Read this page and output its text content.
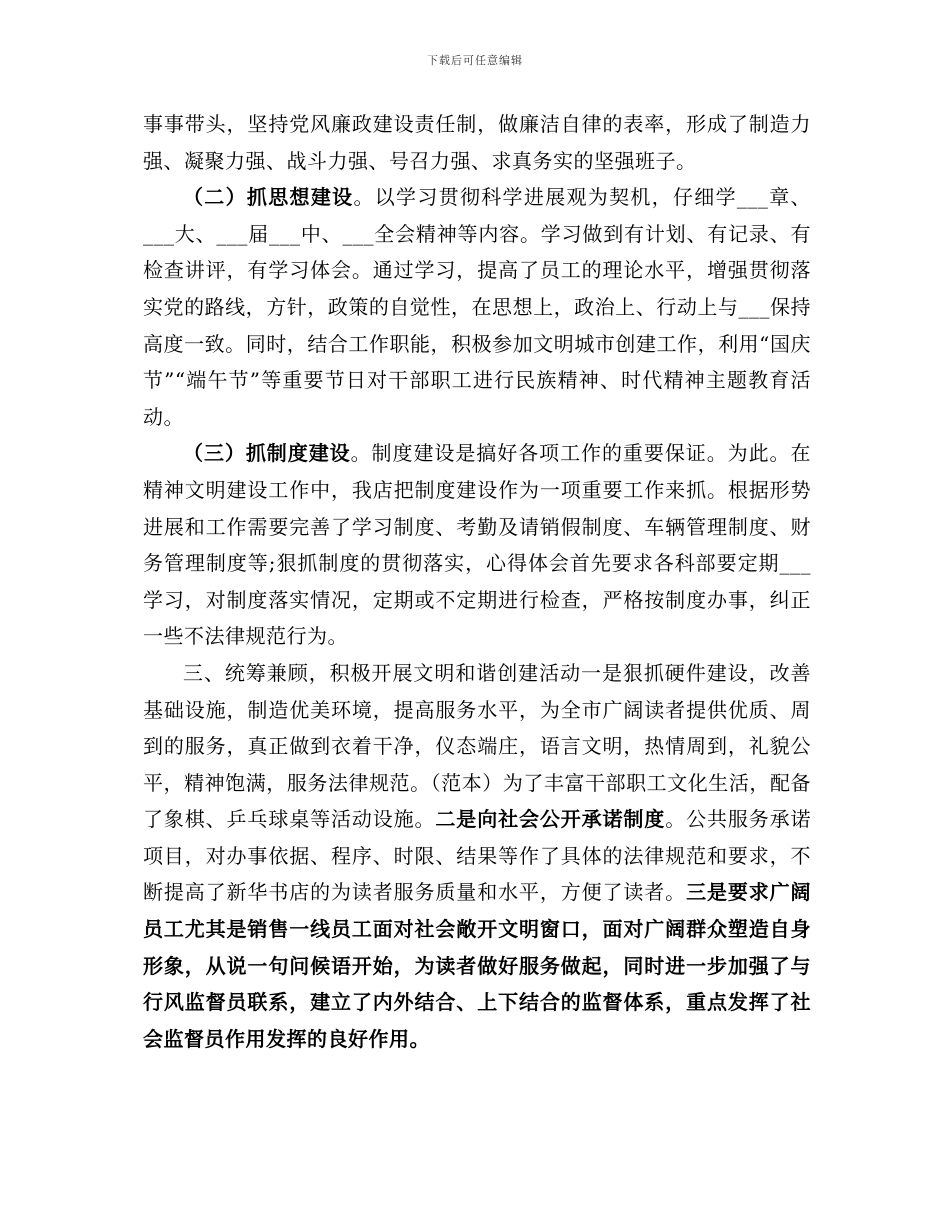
下载后可任意编辑

事事带头，坚持党风廉政建设责任制，做廉洁自律的表率，形成了制造力强、凝聚力强、战斗力强、号召力强、求真务实的坚强班子。

（二）抓思想建设。以学习贯彻科学进展观为契机，仔细学___章、___大、___届___中、___全会精神等内容。学习做到有计划、有记录、有检查讲评，有学习体会。通过学习，提高了员工的理论水平，增强贯彻落实党的路线，方针，政策的自觉性，在思想上，政治上、行动上与___保持高度一致。同时，结合工作职能，积极参加文明城市创建工作，利用“国庆节”“端午节”等重要节日对干部职工进行民族精神、时代精神主题教育活动。

（三）抓制度建设。制度建设是搞好各项工作的重要保证。为此。在精神文明建设工作中，我店把制度建设作为一项重要工作来抓。根据形势进展和工作需要完善了学习制度、考勤及请销假制度、车辆管理制度、财务管理制度等;狠抓制度的贯彻落实，心得体会首先要求各科部要定期___学习，对制度落实情况，定期或不定期进行检查，严格按制度办事，纠正一些不法律规范行为。

三、统筹兼顾，积极开展文明和谐创建活动一是狠抓硬件建设，改善基础设施，制造优美环境，提高服务水平，为全市广阔读者提供优质、周到的服务，真正做到衣着干净，仪态端庄，语言文明，热情周到，礼貌公平，精神饱满，服务法律规范。（范本）为了丰富干部职工文化生活，配备了象棋、乒乓球桌等活动设施。二是向社会公开承诺制度。公共服务承诺项目，对办事依据、程序、时限、结果等作了具体的法律规范和要求，不断提高了新华书店的为读者服务质量和水平，方便了读者。三是要求广阔员工尤其是销售一线员工面对社会敞开文明窗口，面对广阔群众塑造自身形象，从说一句问候语开始，为读者做好服务做起，同时进一步加强了与行风监督员联系，建立了内外结合、上下结合的监督体系，重点发挥了社会监督员作用发挥的良好作用。
